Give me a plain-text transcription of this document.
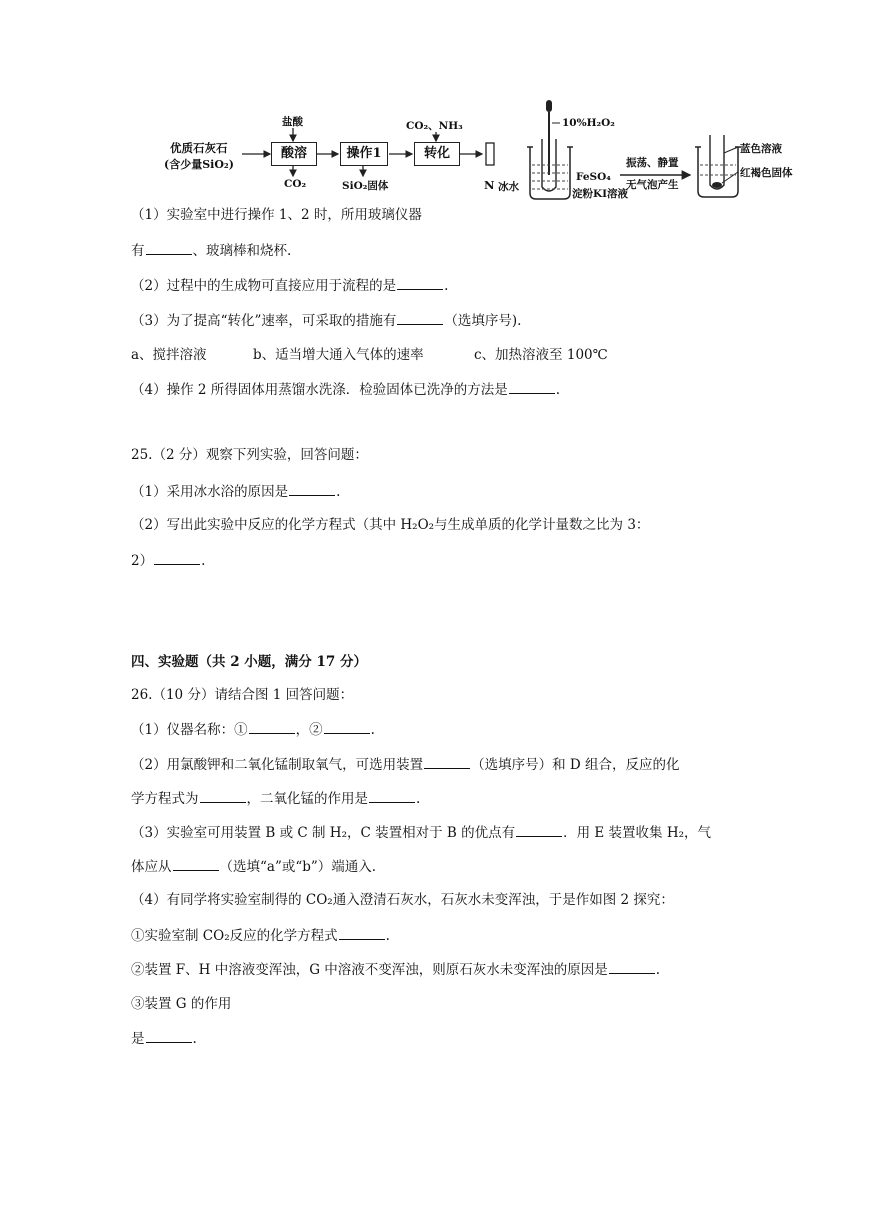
优质石灰石
(含少量SiO₂)
盐酸
酸溶
CO₂
操作1
SiO₂固体
CO₂、NH₃
转化
10%H₂O₂
N 冰水
FeSO₄
淀粉KI溶液
振荡、静置
无气泡产生
蓝色溶液
红褐色固体
（1）实验室中进行操作 1、2 时，所用玻璃仪器
有	、玻璃棒和烧杯.
（2）过程中的生成物可直接应用于流程的是	.
（3）为了提高“转化”速率，可采取的措施有	（选填序号).
a、搅拌溶液	b、适当增大通入气体的速率	c、加热溶液至 100℃
（4）操作 2 所得固体用蒸馏水洗涤．检验固体已洗净的方法是	.
25.（2 分）观察下列实验，回答问题：
（1）采用冰水浴的原因是	.
（2）写出此实验中反应的化学方程式（其中 H₂O₂与生成单质的化学计量数之比为 3：
2）	.
四、实验题（共 2 小题，满分 17 分）
26.（10 分）请结合图 1 回答问题：
（1）仪器名称：①	，②	.
（2）用氯酸钾和二氧化锰制取氧气，可选用装置	（选填序号）和 D 组合，反应的化
学方程式为	，二氧化锰的作用是	.
（3）实验室可用装置 B 或 C 制 H₂，C 装置相对于 B 的优点有	．用 E 装置收集 H₂，气
体应从	（选填“a”或“b”）端通入.
（4）有同学将实验室制得的 CO₂通入澄清石灰水，石灰水未变浑浊，于是作如图 2 探究：
①实验室制 CO₂反应的化学方程式	.
②装置 F、H 中溶液变浑浊，G 中溶液不变浑浊，则原石灰水未变浑浊的原因是	.
③装置 G 的作用
是	.
